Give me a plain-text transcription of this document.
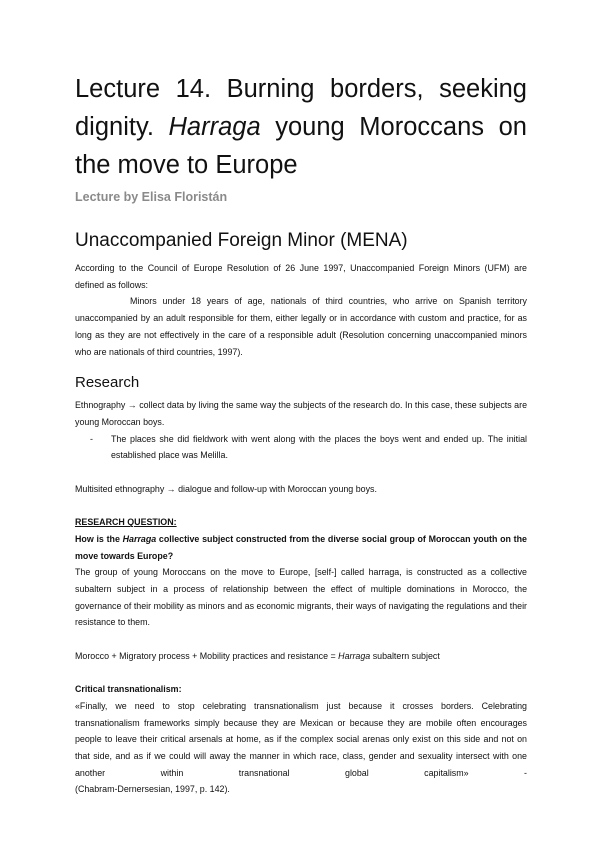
Lecture 14. Burning borders, seeking dignity. Harraga young Moroccans on the move to Europe
Lecture by Elisa Floristán
Unaccompanied Foreign Minor (MENA)

According to the Council of Europe Resolution of 26 June 1997, Unaccompanied Foreign Minors (UFM) are defined as follows:

Minors under 18 years of age, nationals of third countries, who arrive on Spanish territory unaccompanied by an adult responsible for them, either legally or in accordance with custom and practice, for as long as they are not effectively in the care of a responsible adult (Resolution concerning unaccompanied minors who are nationals of third countries, 1997).

Research

Ethnography → collect data by living the same way the subjects of the research do. In this case, these subjects are young Moroccan boys.

- The places she did fieldwork with went along with the places the boys went and ended up. The initial established place was Melilla.

Multisited ethnography → dialogue and follow-up with Moroccan young boys.

RESEARCH QUESTION:

How is the Harraga collective subject constructed from the diverse social group of Moroccan youth on the move towards Europe?

The group of young Moroccans on the move to Europe, [self-] called harraga, is constructed as a collective subaltern subject in a process of relationship between the effect of multiple dominations in Morocco, the governance of their mobility as minors and as economic migrants, their ways of navigating the regulations and their resistance to them.

Morocco + Migratory process + Mobility practices and resistance = Harraga subaltern subject

Critical transnationalism:

«Finally, we need to stop celebrating transnationalism just because it crosses borders. Celebrating transnationalism frameworks simply because they are Mexican or because they are mobile often encourages people to leave their critical arsenals at home, as if the complex social arenas only exist on this side and not on that side, and as if we could will away the manner in which race, class, gender and sexuality intersect with one another within transnational global capitalism» -

(Chabram-Dernersesian, 1997, p. 142).
